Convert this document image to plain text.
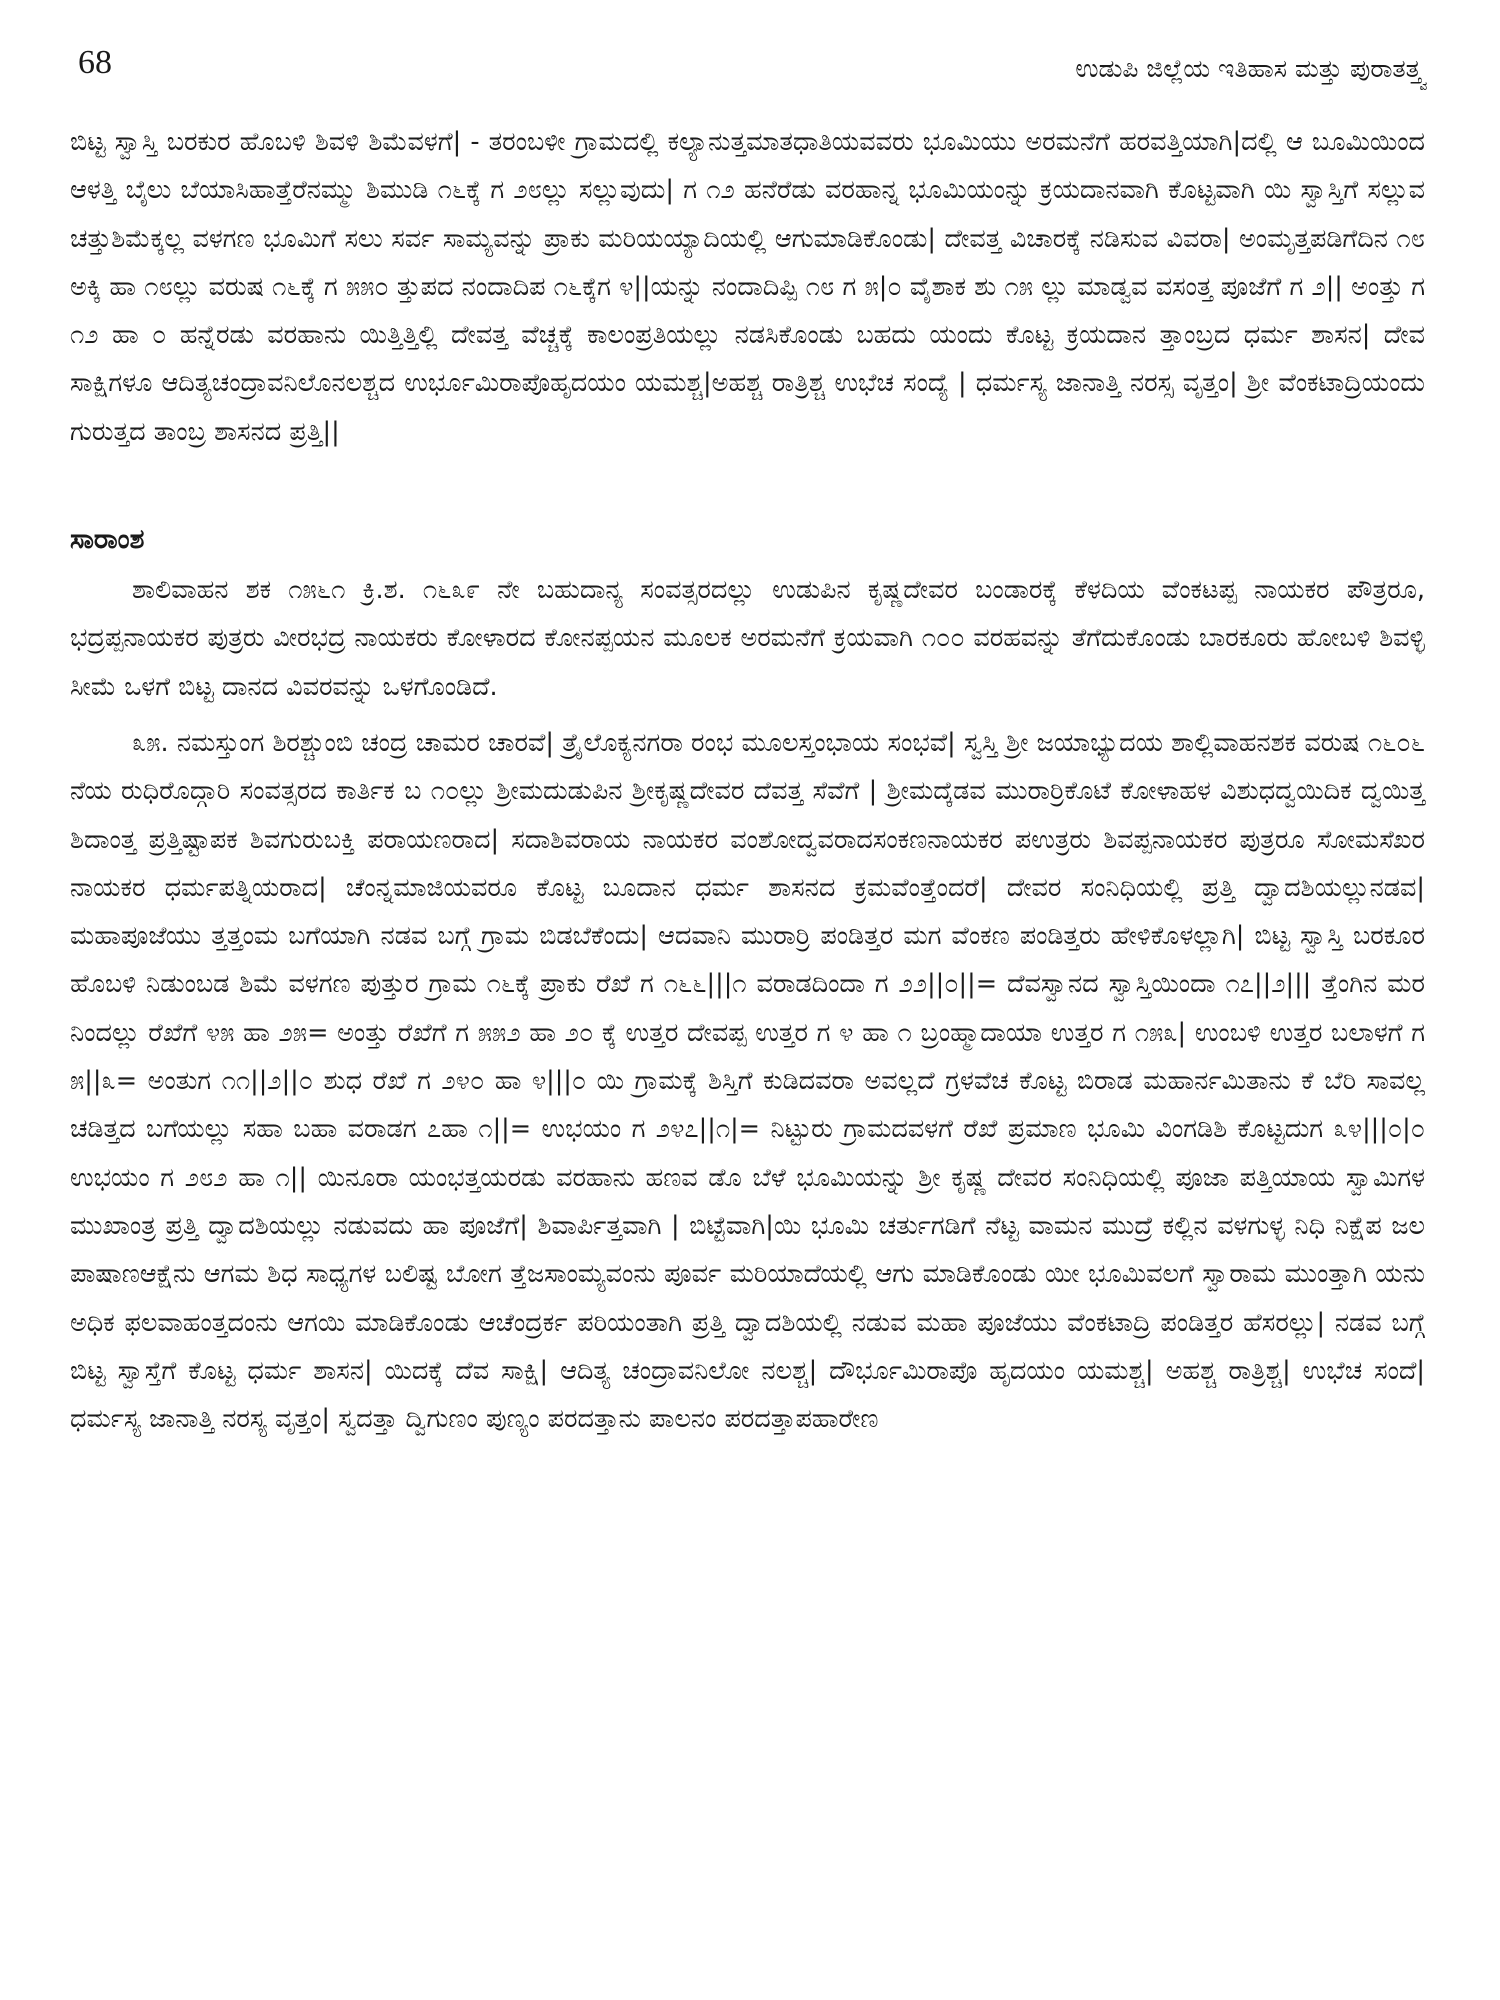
68	ಉಡುಪಿ ಜಿಲ್ಲೆಯ ಇತಿಹಾಸ ಮತ್ತು ಪುರಾತತ್ತ್ವ

ಬಿಟ್ಟ ಸ್ವಾಸ್ತಿ ಬರಕುರ ಹೊಬಳಿ ಶಿವಳಿ ಶಿಮೆವಳಗೆ| - ತರಂಬಳೀ ಗ್ರಾಮದಲ್ಲಿ ಕಲ್ಯಾನುತ್ತಮಾತಧಾತಿಯವವರು ಭೂಮಿಯು ಅರಮನೆಗೆ ಹರವತ್ತಿಯಾಗಿ|ದಲ್ಲಿ ಆ ಬೂಮಿಯಿಂದ ಆಳತ್ತಿ ಬೈಲು ಬೆಯಾಸಿಹಾತ್ತೆರೆನಮ್ಮು ಶಿ‍ಮುಡಿ ೧೬ಕ್ಕೆ ಗ ೨೮ಲ್ಲು ಸಲ್ಲುವುದು| ಗ ೧೨ ಹನೆರೆಡು ವರಹಾನ್ನ ಭೂಮಿಯಂನ್ನು ಕ್ರಯದಾನವಾಗಿ ಕೊಟ್ಟವಾಗಿ ಯಿ ಸ್ವಾಸ್ತಿಗೆ ಸಲ್ಲುವ ಚತ್ತುಶಿಮೆಕ್ಕಲ್ಲ ವಳಗಣ ಭೂಮಿಗೆ ಸಲು ಸರ್ವ ಸಾಮ್ಯವನ್ನು ಪ್ರಾಕು ಮರಿಯಯ್ಯಾದಿಯಲ್ಲಿ ಆಗುಮಾಡಿಕೊಂಡು| ದೇವತ್ತ ವಿಚಾರಕ್ಕೆ ನಡಿಸುವ ವಿವರಾ| ಅಂಮೃತ್ತಪಡಿಗೆದಿನ ೧೮ ಅಕ್ಕಿ ಹಾ ೧೮ಲ್ಲು ವರುಷ ೧೬ಕ್ಕೆ ಗ ೫೫೦ ತ್ತುಪದ ನಂದಾದಿಪ ೧೬ಕ್ಕೆಗ ೪||ಯನ್ನು ನಂದಾದಿಪ್ಪಿ ೧೮ ಗ ೫|೦ ವೈಶಾಕ ಶು ೧೫ ಲ್ಲು ಮಾಡ್ವವ ವಸಂತ್ತ ಪೂಜೆಗೆ ಗ ೨|| ಅಂತ್ತು ಗ ೧೨ ಹಾ ೦ ಹನ್ನೆರಡು ವರಹಾನು ಯಿತ್ತಿತ್ತಿಲ್ಲಿ ದೇವತ್ತ ವೆಚ್ಚಕ್ಕೆ ಕಾಲಂಪ್ರತಿಯಲ್ಲು ನಡಸಿಕೊಂಡು ಬಹದು ಯಂದು ಕೊಟ್ಟ ಕ್ರಯದಾನ ತ್ತಾಂಬ್ರದ ಧರ್ಮ ಶಾಸನ| ದೇವ ಸಾಕ್ಷಿಗಳೂ ಆದಿತ್ಯಚಂದ್ರಾವನಿಲೊನಲಶ್ಚದ ಉರ್ಭೂಮಿರಾಪೊಹೃದಯಂ ಯಮಶ್ಚ|ಅಹಶ್ಚ ರಾತ್ರಿಶ್ಚ ಉಭೆಚ ಸಂದ್ಯೆ | ಧರ್ಮಸ್ಯ ಜಾನಾತ್ತಿ ನರಸ್ಸ ವೃತ್ತಂ| ಶ್ರೀ ವೆಂಕಟಾದ್ರಿಯಂದು ಗುರುತ್ತದ ತಾಂಬ್ರ ಶಾಸನದ ಪ್ರತ್ತಿ||

ಸಾರಾಂಶ

ಶಾಲಿವಾಹನ ಶಕ ೧೫೬೧ ಕ್ರಿ.ಶ. ೧೬೩೯ ನೇ ಬಹುದಾನ್ಯ ಸಂವತ್ಸರದಲ್ಲು ಉಡುಪಿನ ಕೃಷ್ಣದೇವರ ಬಂಡಾರಕ್ಕೆ ಕೆಳದಿಯ ವೆಂಕಟಪ್ಪ ನಾಯಕರ ಪೌತ್ರರೂ, ಭದ್ರಪ್ಪನಾಯಕರ ಪುತ್ರರು ವೀರಭದ್ರ ನಾಯಕರು ಕೋಳಾರದ ಕೋನಪ್ಪಯನ ಮೂಲಕ ಅರಮನೆಗೆ ಕ್ರಯವಾಗಿ ೧೦೦ ವರಹವನ್ನು ತೆಗೆದುಕೊಂಡು ಬಾರಕೂರು ಹೋಬಳಿ ಶಿವಳ್ಳಿ ಸೀಮೆ ಒಳಗೆ ಬಿಟ್ಟ ದಾನದ ವಿವರವನ್ನು ಒಳಗೊಂಡಿದೆ.

೩೫. ನಮಸ್ತುಂಗ ಶಿರಶ್ಚುಂಬಿ ಚಂದ್ರ ಚಾಮರ ಚಾರವೆ| ತ್ರೈಲೊಕ್ಯನಗರಾ ರಂಭ ಮೂಲಸ್ತಂಭಾಯ ಸಂಭವೆ| ಸ್ವಸ್ತಿ ಶ್ರೀ ಜಯಾಭ್ಯುದಯ ಶಾಲ್ಲಿವಾಹನಶಕ ವರುಷ ೧೬೦೬ ನೆಯ ರುಧಿರೊದ್ಗಾರಿ ಸಂವತ್ಸರದ ಕಾರ್ತಿಕ ಬ ೧೦ಲ್ಲು ಶ್ರೀಮದುಡುಪಿನ ಶ್ರೀಕೃಷ್ಣದೇವರ ದೆವತ್ತ ಸೆವೆಗೆ | ಶ್ರೀಮದ್ಕೆಡವ ಮುರಾರ್ರಿಕೊಟೆ ಕೋಳಾಹಳ ವಿಶುಧದ್ವಯಿದಿಕ ದ್ವಯಿತ್ತ ಶಿದಾಂತ್ತ ಪ್ರತ್ತಿಷ್ಟಾಪಕ ಶಿವಗುರುಬಕ್ತಿ ಪರಾಯಣರಾದ| ಸದಾಶಿವರಾಯ ನಾಯಕರ ವಂಶೋದ್ವವರಾದಸಂಕಣನಾಯಕರ ಪಉತ್ರರು ಶಿವಪ್ಪನಾಯಕರ ಪುತ್ರರೂ ಸೋಮಸೆಖರ ನಾಯಕರ ಧರ್ಮಪತ್ನಿಯರಾದ| ಚೆಂನ್ನಮಾಜಿಯವರೂ ಕೊಟ್ಟ ಬೂದಾನ ಧರ್ಮ ಶಾಸನದ ಕ್ರಮವೆಂತ್ತೆಂದರೆ| ದೇವರ ಸಂನಿಧಿಯಲ್ಲಿ ಪ್ರತ್ತಿ ದ್ವಾದಶಿಯಲ್ಲುನಡವ| ಮಹಾಪೂಜೆಯು ತ್ತತ್ತಂಮ ಬಗೆಯಾಗಿ ನಡವ ಬಗ್ಗೆ ಗ್ರಾಮ ಬಿಡಬೆಕೆಂದು| ಆದವಾನಿ ಮುರಾರ್ರಿ ಪಂಡಿತ್ತರ ಮಗ ವೆಂಕಣ ಪಂಡಿತ್ತರು ಹೇಳಿಕೊಳಲ್ಲಾಗಿ| ಬಿಟ್ಟ ಸ್ವಾಸ್ತಿ ಬರಕೂರ ಹೊಬಳಿ ನಿಡುಂಬಡ ಶಿಮೆ ವಳಗಣ ಪುತ್ತುರ ಗ್ರಾಮ ೧೬ಕ್ಕೆ ಪ್ರಾಕು ರೆಖೆ ಗ ೧೬೬|||೧ ವರಾಡದಿಂದಾ ಗ ೨೨||೦||= ದೆವಸ್ವಾನದ ಸ್ವಾಸ್ತಿಯಿಂದಾ ೧೭||೨||| ತ್ತೆಂಗಿನ ಮರ ನಿಂದಲ್ಲು ರೆಖೆಗೆ ೪೫ ಹಾ ೨೫= ಅಂತ್ತು ರೆಖೆಗೆ ಗ ೫೫೨ ಹಾ ೨೦ ಕ್ಕೆ ಉತ್ತರ ದೇವಪ್ಪ ಉತ್ತರ ಗ ೪ ಹಾ ೧ ಬ್ರಂಹ್ಮಾದಾಯಾ ಉತ್ತರ ಗ ೧೫೩| ಉಂಬಳಿ ಉತ್ತರ ಬಲಾಳಗೆ ಗ ೫||೩= ಅಂತುಗ ೧೧||೨||೦ ಶುಧ ರೆಖೆ ಗ ೨೪೦ ಹಾ ೪|||೦ ಯಿ ಗ್ರಾಮಕ್ಕೆ ಶಿಸ್ತಿಗೆ ಕುಡಿದವರಾ ಅವಲ್ಲದೆ ಗ್ರಳವೆಚ ಕೊಟ್ಟ ಬಿರಾಡ ಮಹಾರ್ನಮಿತಾನು ಕೆ ಬೆರಿ ಸಾವಲ್ಲ ಚಡಿತ್ತದ ಬಗೆಯಲ್ಲು ಸಹಾ ಬಹಾ ವರಾಡಗ ೭ಹಾ ೧||= ಉಭಯಂ ಗ ೨೪೭||೧|= ನಿಟ್ಟುರು ಗ್ರಾಮದವಳಗೆ ರೆಖೆ ಪ್ರಮಾಣ ಭೂಮಿ ವಿಂಗಡಿಶಿ ಕೊಟ್ಟದುಗ ೩೪|||೦|೦ ಉಭಯಂ ಗ ೨೮೨ ಹಾ ೧|| ಯಿನೂರಾ ಯಂಭತ್ತಯರಡು ವರಹಾನು ಹಣವ ಡೊ ಬೆಳೆ ಭೂಮಿಯನ್ನು ಶ್ರೀ ಕೃಷ್ಣ ದೇವರ ಸಂನಿಧಿಯಲ್ಲಿ ಪೂಜಾ ಪತ್ತಿಯಾಯ ಸ್ವಾಮಿಗಳ ಮುಖಾಂತ್ರ ಪ್ರತ್ತಿ ದ್ವಾದಶಿಯಲ್ಲು ನಡುವದು ಹಾ ಪೂಜೆಗೆ| ಶಿವಾರ್ಪಿತ್ತವಾಗಿ | ಬಿಟ್ಟೆವಾಗಿ|ಯಿ ಭೂಮಿ ಚರ್ತುಗಡಿಗೆ ನೆಟ್ಟ ವಾಮನ ಮುದ್ರೆ ಕಲ್ಲಿನ ವಳಗುಳ್ಳ ನಿಧಿ ನಿಕ್ಷೆಪ ಜಲ ಪಾಷಾಣಆಕ್ಷೆನು ಆಗಮ ಶಿಧ ಸಾಧ್ಯಗಳ ಬಲಿಷ್ಟ ಬೋಗ ತ್ತೆಜಸಾಂಮ್ಯವಂನು ಪೂರ್ವ ಮರಿಯಾದೆಯಲ್ಲಿ ಆಗು ಮಾಡಿಕೊಂಡು ಯೀ ಭೂಮಿವಲಗೆ ಸ್ವಾರಾಮ ಮುಂತ್ತಾಗಿ ಯನು ಅಧಿಕ ಫಲವಾಹಂತ್ತದಂನು ಆಗಯಿ ಮಾಡಿಕೊಂಡು ಆಚೆಂದ್ರರ್ಕ ಪರಿಯಂತಾಗಿ ಪ್ರತ್ತಿ ದ್ವಾದಶಿಯಲ್ಲಿ ನಡುವ ಮಹಾ ಪೂಜೆಯು ವೆಂಕಟಾದ್ರಿ ಪಂಡಿತ್ತರ ಹೆಸರಲ್ಲು| ನಡವ ಬಗ್ಗೆ ಬಿಟ್ಟ ಸ್ವಾಸ್ತೆಗೆ ಕೊಟ್ಟ ಧರ್ಮ ಶಾಸನ| ಯಿದಕ್ಕೆ ದೆವ ಸಾಕ್ಷಿ| ಆದಿತ್ಯ ಚಂದ್ರಾವನಿಲೋ ನಲಶ್ಚ| ದೌರ್ಭೂಮಿರಾಪೊ ಹೃದಯಂ ಯಮಶ್ಚ| ಅಹಶ್ಚ ರಾತ್ರಿಶ್ಚ| ಉಭೆಚ ಸಂದೆ| ಧರ್ಮಸ್ಯ ಜಾನಾತ್ತಿ ನರಸ್ಯ ವೃತ್ತಂ| ಸ್ವದತ್ತಾ ದ್ವಿಗುಣಂ ಪುಣ್ಯಂ ಪರದತ್ತಾನು ಪಾಲನಂ ಪರದತ್ತಾಪಹಾರೇಣ
